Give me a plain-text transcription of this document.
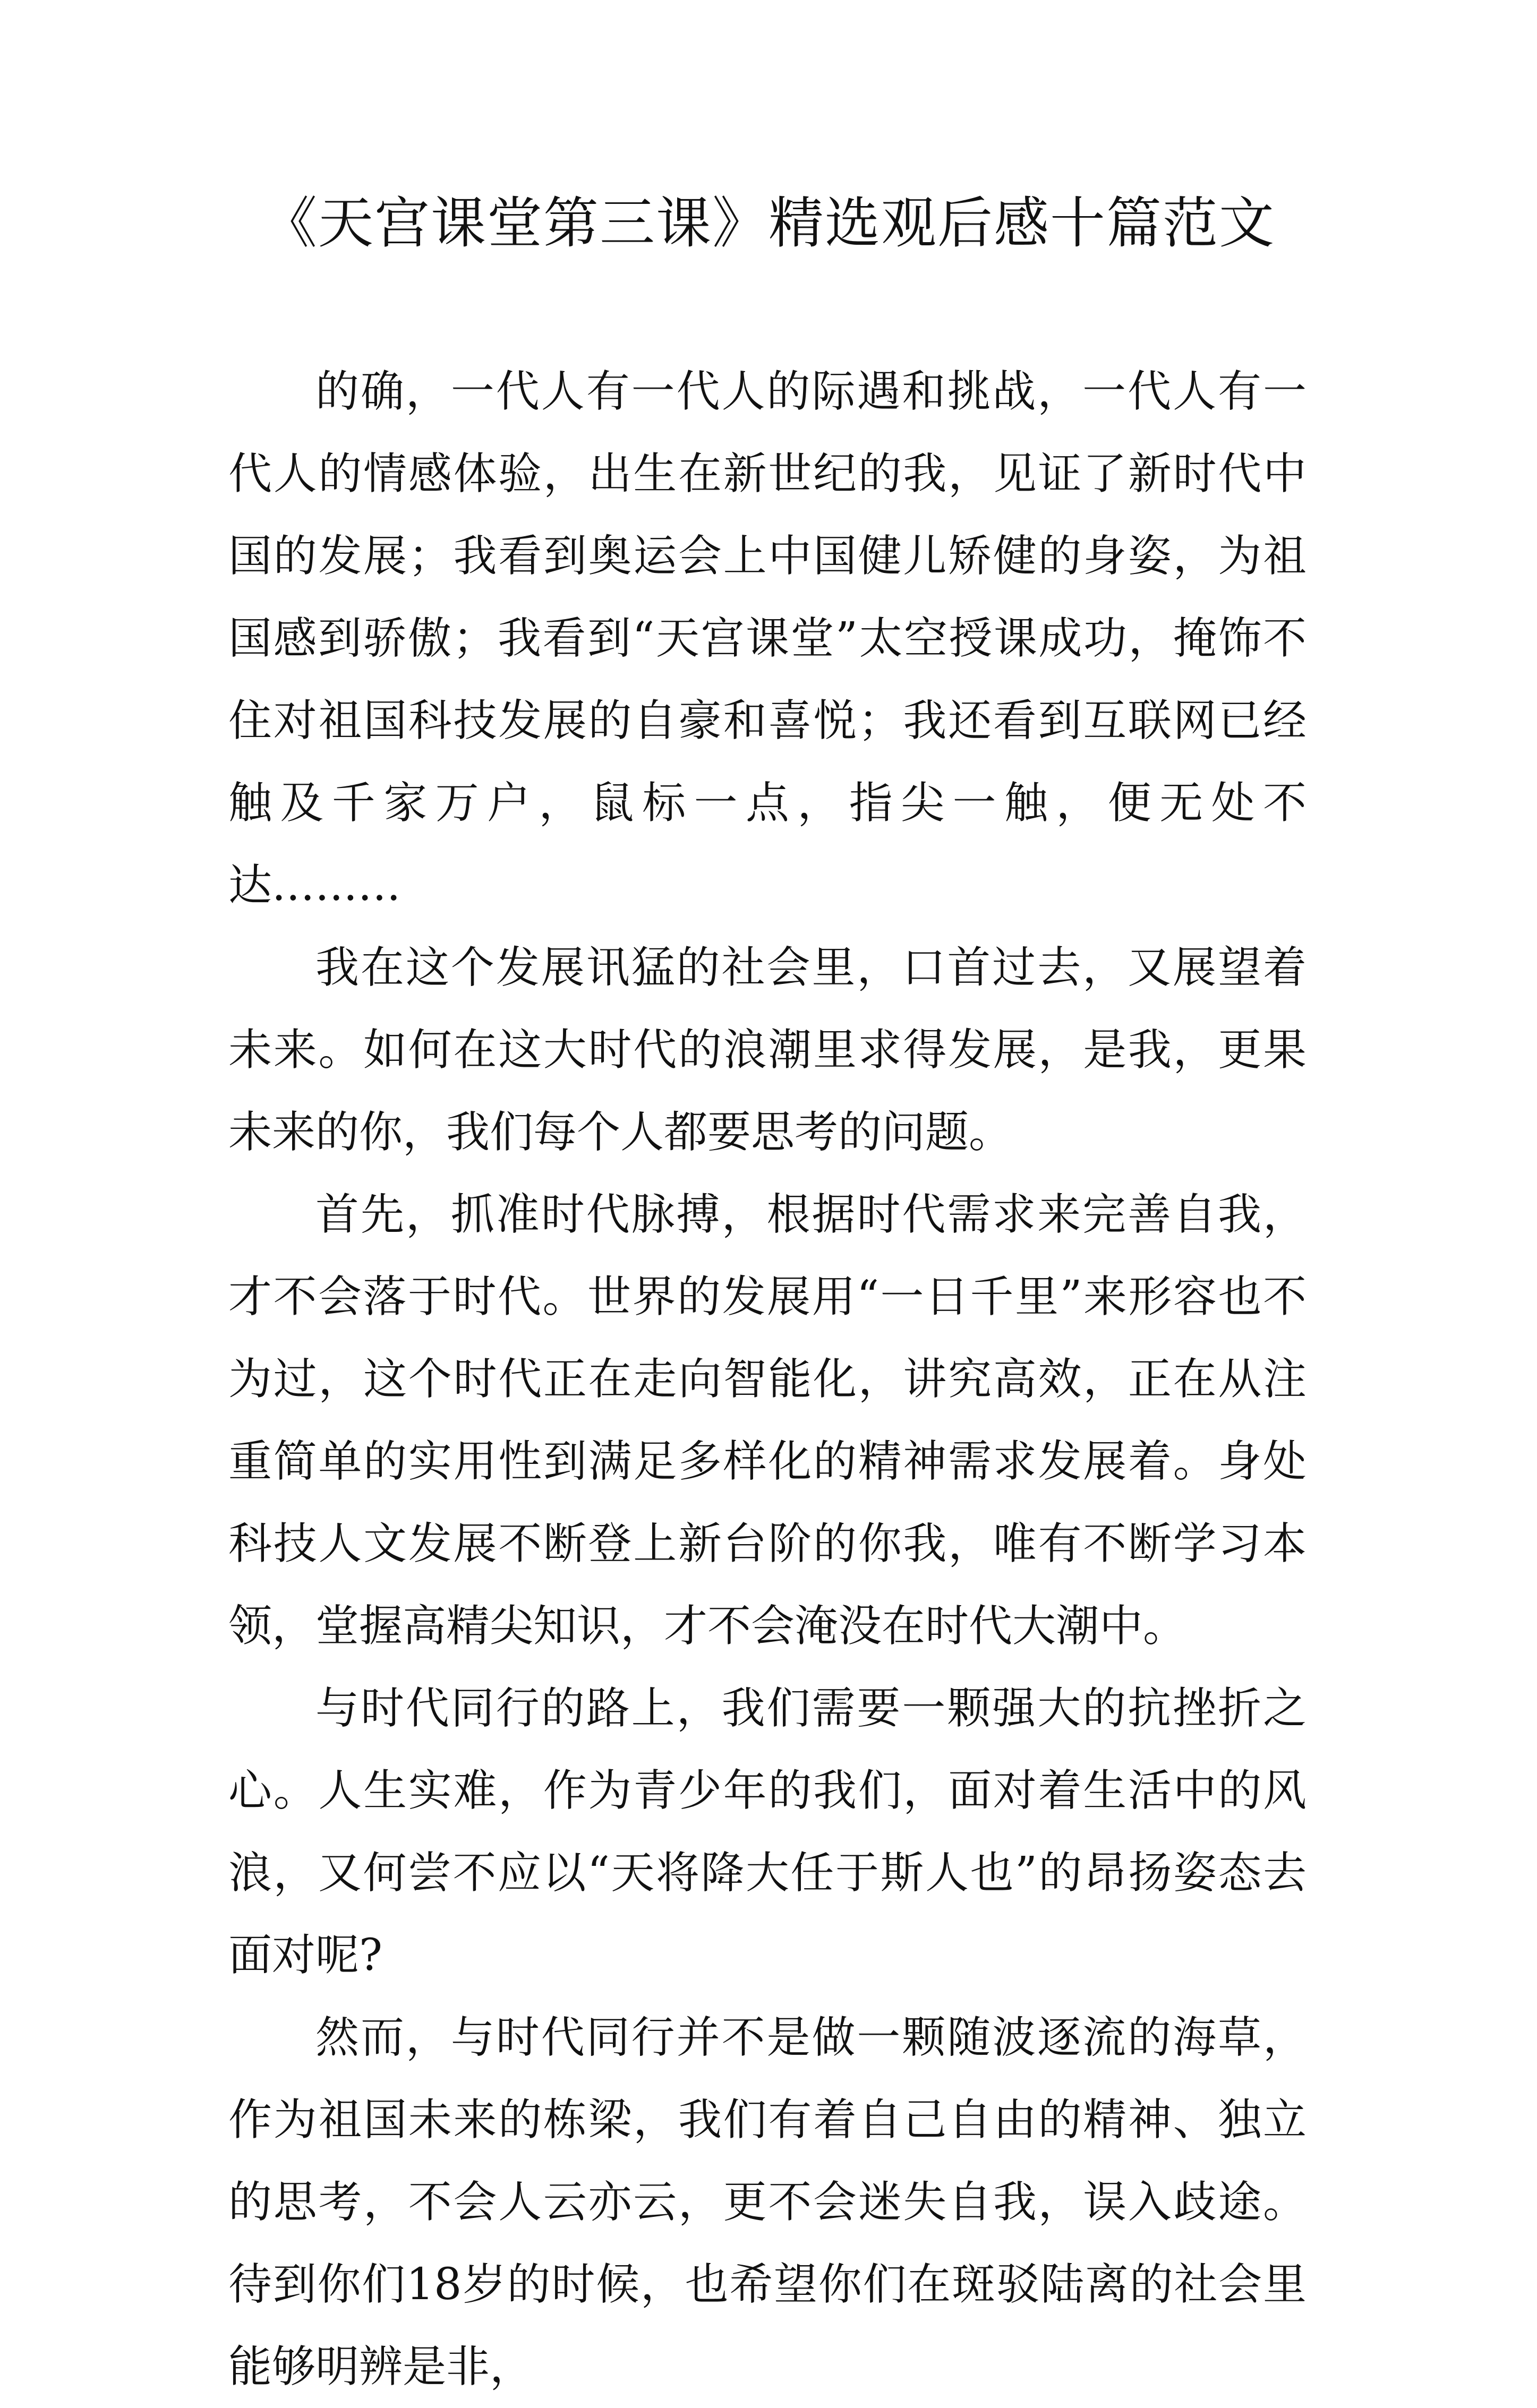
《天宫课堂第三课》精选观后感十篇范文

的确，一代人有一代人的际遇和挑战，一代人有一代人的情感体验，出生在新世纪的我，见证了新时代中国的发展；我看到奥运会上中国健儿矫健的身姿，为祖国感到骄傲；我看到“天宫课堂”太空授课成功，掩饰不住对祖国科技发展的自豪和喜悦；我还看到互联网已经触及千家万户，鼠标一点，指尖一触，便无处不达.….….

我在这个发展讯猛的社会里，口首过去，又展望着未来。如何在这大时代的浪潮里求得发展，是我，更果未来的你，我们每个人都要思考的问题。

首先，抓准时代脉搏，根据时代需求来完善自我，才不会落于时代。世界的发展用“一日千里”来形容也不为过，这个时代正在走向智能化，讲究高效，正在从注重简单的实用性到满足多样化的精神需求发展着。身处科技人文发展不断登上新台阶的你我，唯有不断学习本领，堂握高精尖知识，才不会淹没在时代大潮中。

与时代同行的路上，我们需要一颗强大的抗挫折之心。人生实难，作为青少年的我们，面对着生活中的风浪，又何尝不应以“天将降大任于斯人也”的昂扬姿态去面对呢?

然而，与时代同行并不是做一颗随波逐流的海草，作为祖国未来的栋梁，我们有着自己自由的精神、独立的思考，不会人云亦云，更不会迷失自我，误入歧途。待到你们18岁的时候，也希望你们在斑驳陆离的社会里能够明辨是非，
